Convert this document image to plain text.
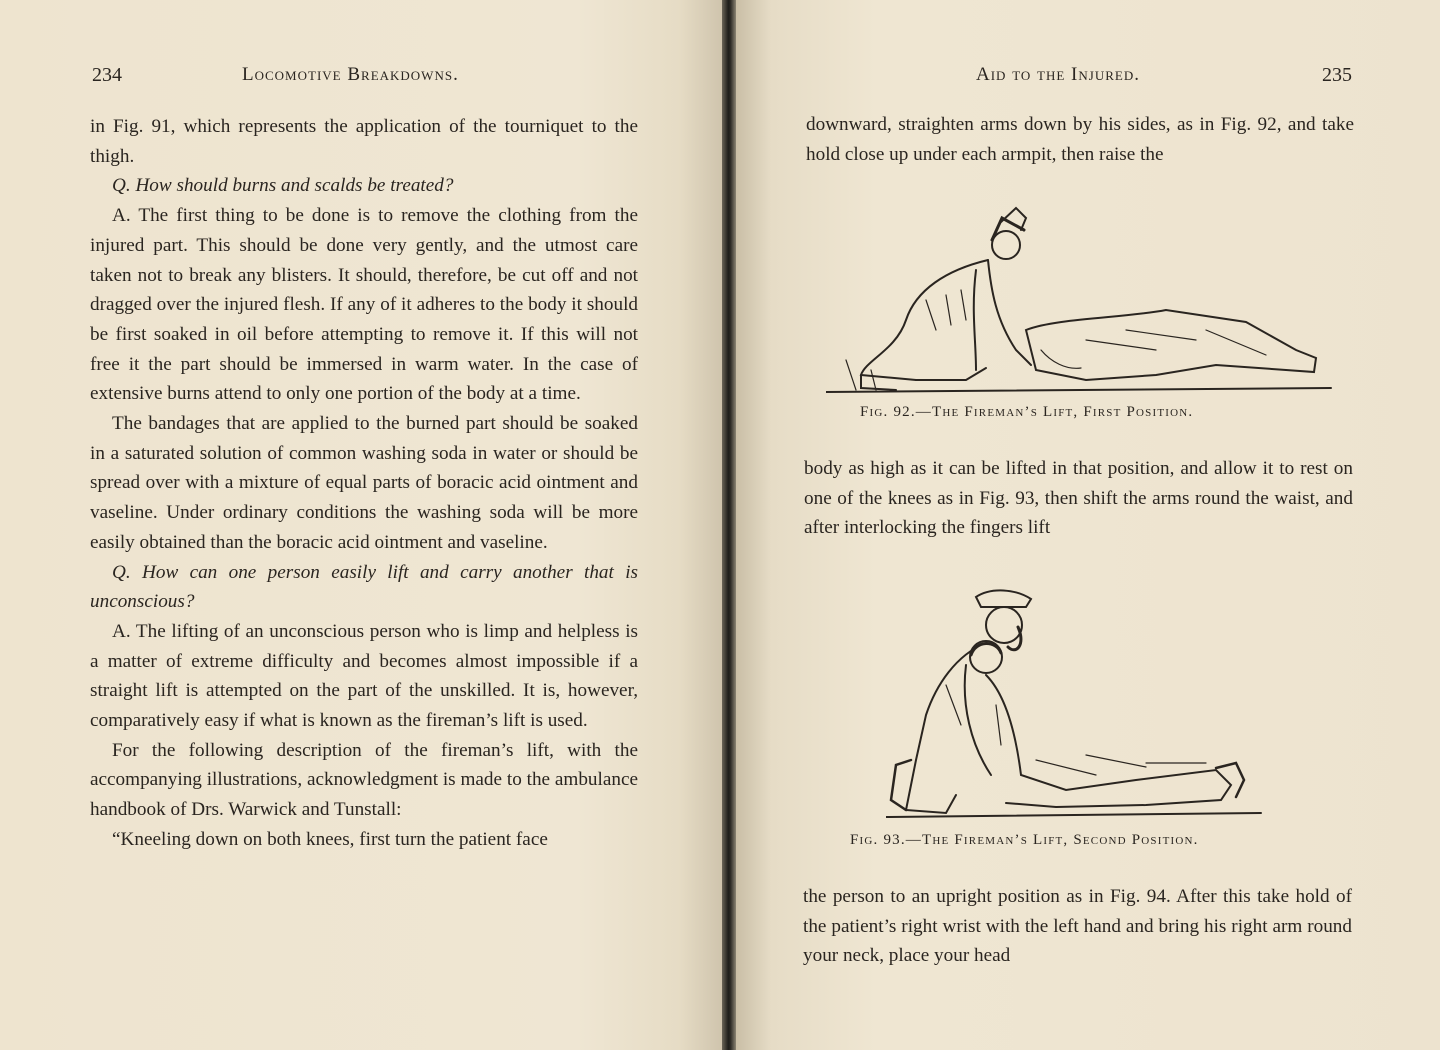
234	Locomotive Breakdowns.

in Fig. 91, which represents the application of the tourniquet to the thigh.

Q. How should burns and scalds be treated?

A. The first thing to be done is to remove the clothing from the injured part. This should be done very gently, and the utmost care taken not to break any blisters. It should, therefore, be cut off and not dragged over the injured flesh. If any of it adheres to the body it should be first soaked in oil before attempting to remove it. If this will not free it the part should be immersed in warm water. In the case of extensive burns attend to only one portion of the body at a time.

The bandages that are applied to the burned part should be soaked in a saturated solution of common washing soda in water or should be spread over with a mixture of equal parts of boracic acid ointment and vaseline. Under ordinary conditions the washing soda will be more easily obtained than the boracic acid ointment and vaseline.

Q. How can one person easily lift and carry another that is unconscious?

A. The lifting of an unconscious person who is limp and helpless is a matter of extreme difficulty and becomes almost impossible if a straight lift is attempted on the part of the unskilled. It is, however, comparatively easy if what is known as the fireman’s lift is used.

For the following description of the fireman’s lift, with the accompanying illustrations, acknowledgment is made to the ambulance handbook of Drs. Warwick and Tunstall:

“Kneeling down on both knees, first turn the patient face

Aid to the Injured.	235

downward, straighten arms down by his sides, as in Fig. 92, and take hold close up under each armpit, then raise the

Fig. 92.—The Fireman’s Lift, First Position.

body as high as it can be lifted in that position, and allow it to rest on one of the knees as in Fig. 93, then shift the arms round the waist, and after interlocking the fingers lift

Fig. 93.—The Fireman’s Lift, Second Position.

the person to an upright position as in Fig. 94. After this take hold of the patient’s right wrist with the left hand and bring his right arm round your neck, place your head
